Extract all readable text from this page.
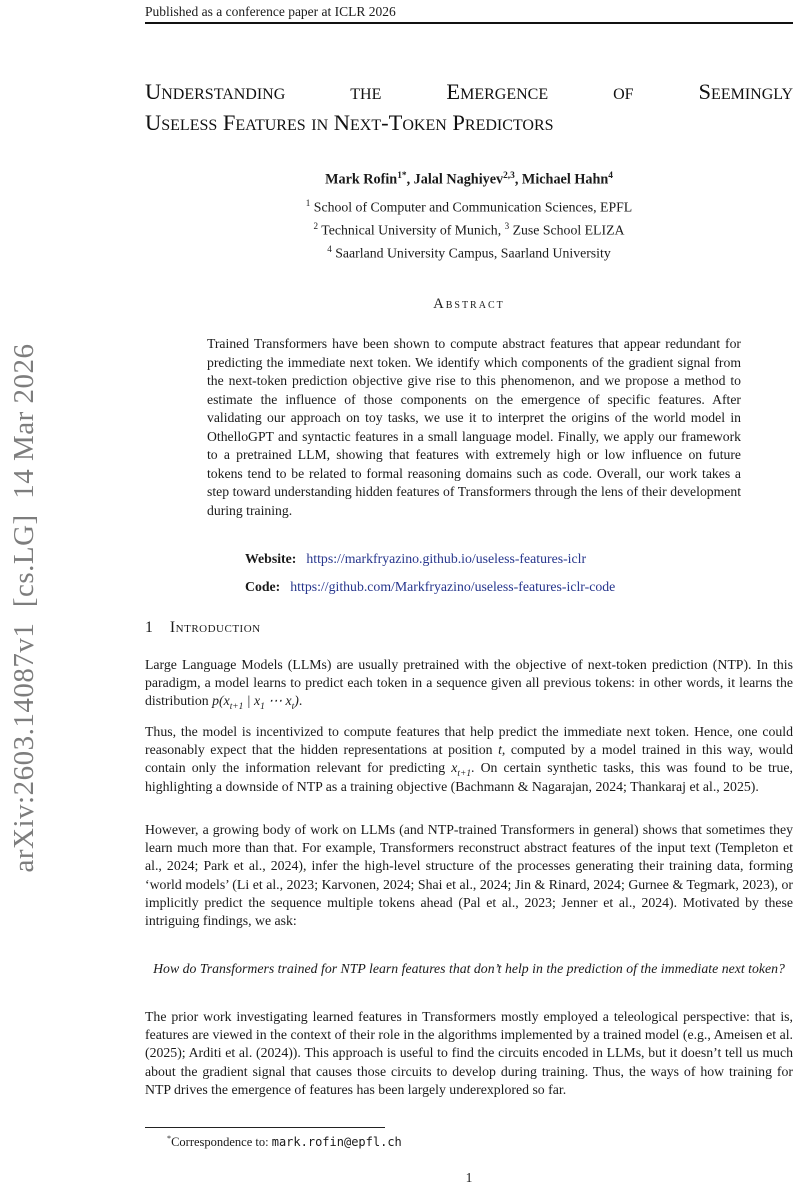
Published as a conference paper at ICLR 2026
arXiv:2603.14087v1  [cs.LG]  14 Mar 2026
Understanding the Emergence of Seemingly
Useless Features in Next-Token Predictors
Mark Rofin$^{1*}$, Jalal Naghiyev$^{2,3}$, Michael Hahn$^4$
$^1$ School of Computer and Communication Sciences, EPFL
$^2$ Technical University of Munich, $^3$ Zuse School ELIZA
$^4$ Saarland University Campus, Saarland University
Abstract
Trained Transformers have been shown to compute abstract features that appear redundant for predicting the immediate next token. We identify which components of the gradient signal from the next-token prediction objective give rise to this phenomenon, and we propose a method to estimate the influence of those components on the emergence of specific features. After validating our approach on toy tasks, we use it to interpret the origins of the world model in OthelloGPT and syntactic features in a small language model. Finally, we apply our framework to a pretrained LLM, showing that features with extremely high or low influence on future tokens tend to be related to formal reasoning domains such as code. Overall, our work takes a step toward understanding hidden features of Transformers through the lens of their development during training.
Website: https://markfryazino.github.io/useless-features-iclr
Code: https://github.com/Markfryazino/useless-features-iclr-code
1 Introduction

Large Language Models (LLMs) are usually pretrained with the objective of next-token prediction (NTP). In this paradigm, a model learns to predict each token in a sequence given all previous tokens: in other words, it learns the distribution $p(x_{t+1}$ | $x_1$ ⋯ $x_t$).

Thus, the model is incentivized to compute features that help predict the immediate next token. Hence, one could reasonably expect that the hidden representations at position t, computed by a model trained in this way, would contain only the information relevant for predicting $x_{t+1}$. On certain synthetic tasks, this was found to be true, highlighting a downside of NTP as a training objective (Bachmann & Nagarajan, 2024; Thankaraj et al., 2025).

However, a growing body of work on LLMs (and NTP-trained Transformers in general) shows that sometimes they learn much more than that. For example, Transformers reconstruct abstract features of the input text (Templeton et al., 2024; Park et al., 2024), infer the high-level structure of the processes generating their training data, forming ‘world models’ (Li et al., 2023; Karvonen, 2024; Shai et al., 2024; Jin & Rinard, 2024; Gurnee & Tegmark, 2023), or implicitly predict the sequence multiple tokens ahead (Pal et al., 2023; Jenner et al., 2024). Motivated by these intriguing findings, we ask:

How do Transformers trained for NTP learn features that don’t help in the prediction of the immediate next token?

The prior work investigating learned features in Transformers mostly employed a teleological perspective: that is, features are viewed in the context of their role in the algorithms implemented by a trained model (e.g., Ameisen et al. (2025); Arditi et al. (2024)). This approach is useful to find the circuits encoded in LLMs, but it doesn’t tell us much about the gradient signal that causes those circuits to develop during training. Thus, the ways of how training for NTP drives the emergence of features has been largely underexplored so far.

*Correspondence to: mark.rofin@epfl.ch
1
